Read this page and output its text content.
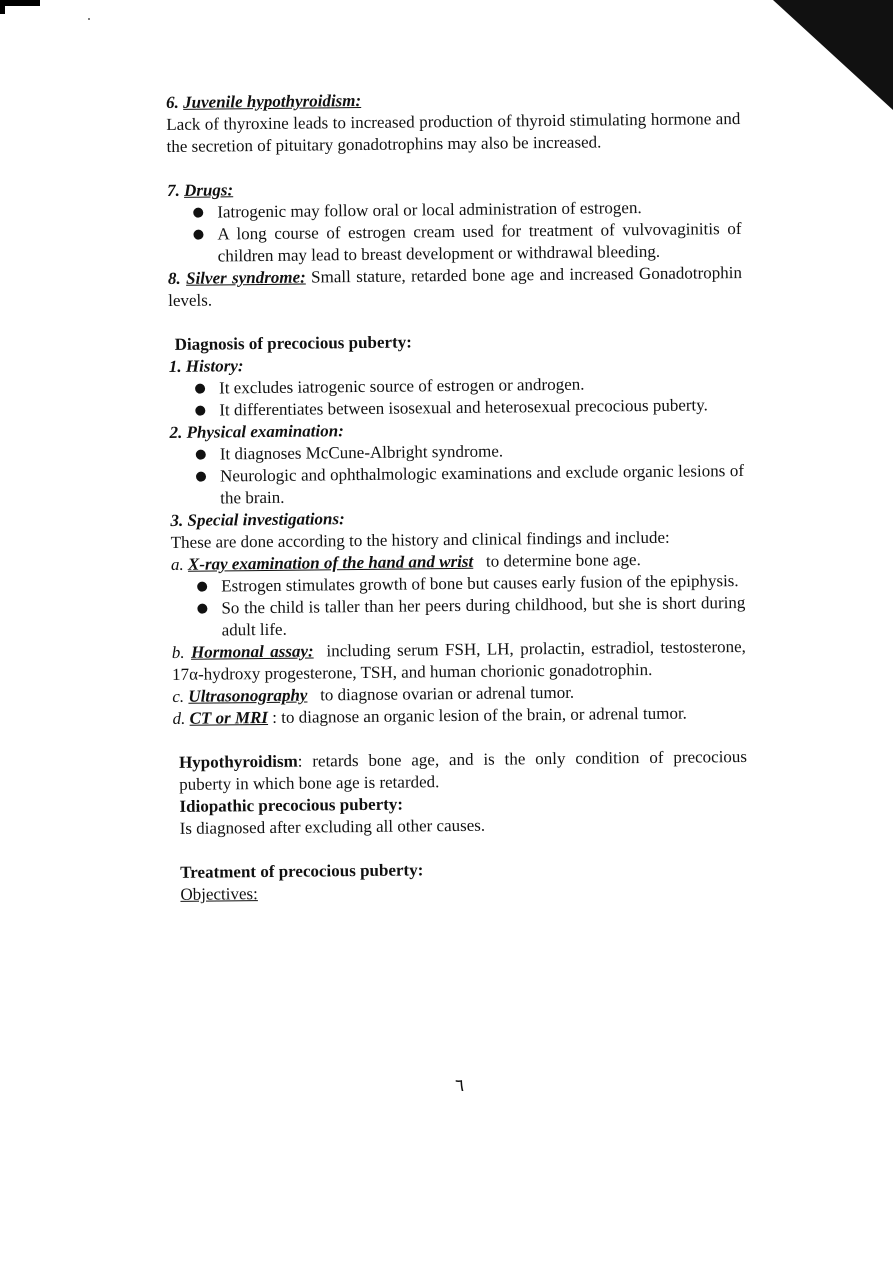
6. Juvenile hypothyroidism:

Lack of thyroxine leads to increased production of thyroid stimulating hormone and the secretion of pituitary gonadotrophins may also be increased.

7. Drugs:

Iatrogenic may follow oral or local administration of estrogen.
A long course of estrogen cream used for treatment of vulvovaginitis of children may lead to breast development or withdrawal bleeding.

8. Silver syndrome: Small stature, retarded bone age and increased Gonadotrophin levels.

Diagnosis of precocious puberty:

1. History:

It excludes iatrogenic source of estrogen or androgen.
It differentiates between isosexual and heterosexual precocious puberty.

2. Physical examination:

It diagnoses McCune-Albright syndrome.
Neurologic and ophthalmologic examinations and exclude organic lesions of the brain.

3. Special investigations:

These are done according to the history and clinical findings and include:

a. X-ray examination of the hand and wrist to determine bone age.

Estrogen stimulates growth of bone but causes early fusion of the epiphysis.
So the child is taller than her peers during childhood, but she is short during adult life.

b. Hormonal assay: including serum FSH, LH, prolactin, estradiol, testosterone, 17α-hydroxy progesterone, TSH, and human chorionic gonadotrophin.

c. Ultrasonography to diagnose ovarian or adrenal tumor.

d. CT or MRI : to diagnose an organic lesion of the brain, or adrenal tumor.

Hypothyroidism: retards bone age, and is the only condition of precocious puberty in which bone age is retarded.

Idiopathic precocious puberty:

Is diagnosed after excluding all other causes.

Treatment of precocious puberty:

Objectives:

٦
